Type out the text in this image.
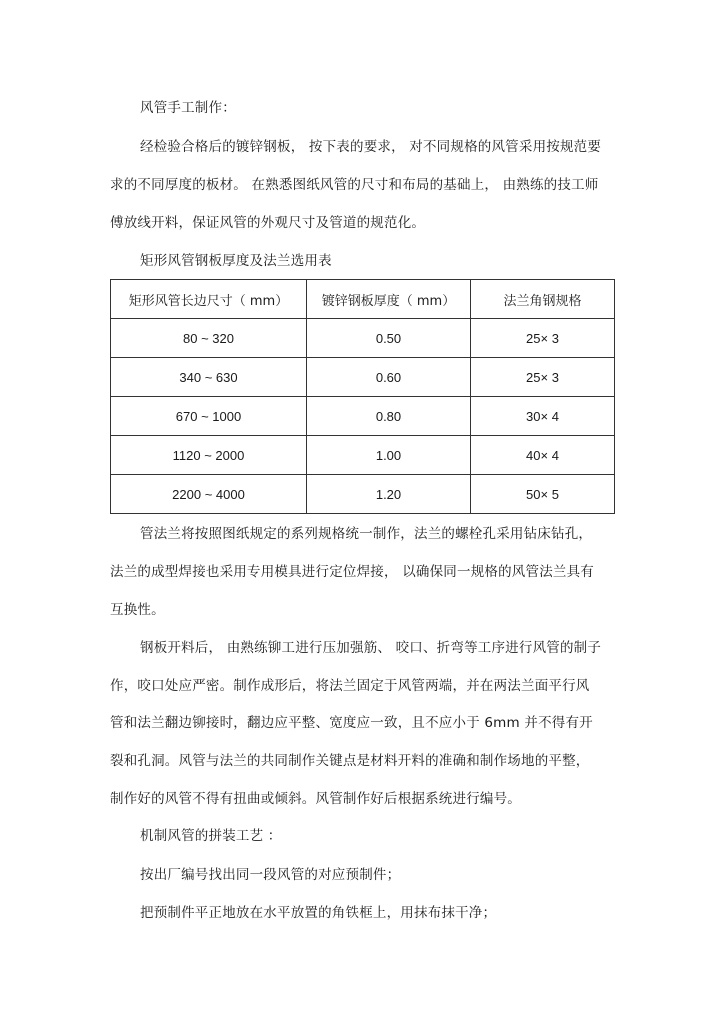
风管手工制作：
经检验合格后的镀锌钢板， 按下表的要求， 对不同规格的风管采用按规范要
求的不同厚度的板材。 在熟悉图纸风管的尺寸和布局的基础上， 由熟练的技工师
傅放线开料，保证风管的外观尺寸及管道的规范化。
矩形风管钢板厚度及法兰选用表
矩形风管长边尺寸（ mm）	镀锌钢板厚度（ mm）	法兰角钢规格
80 ~ 320	0.50	25× 3
340 ~ 630	0.60	25× 3
670 ~ 1000	0.80	30× 4
1120 ~ 2000	1.00	40× 4
2200 ~ 4000	1.20	50× 5
管法兰将按照图纸规定的系列规格统一制作，法兰的螺栓孔采用钻床钻孔，
法兰的成型焊接也采用专用模具进行定位焊接， 以确保同一规格的风管法兰具有
互换性。
钢板开料后， 由熟练铆工进行压加强筋、 咬口、折弯等工序进行风管的制子
作，咬口处应严密。制作成形后，将法兰固定于风管两端，并在两法兰面平行风
管和法兰翻边铆接时，翻边应平整、宽度应一致，且不应小于 6mm 并不得有开
裂和孔洞。风管与法兰的共同制作关键点是材料开料的准确和制作场地的平整，
制作好的风管不得有扭曲或倾斜。风管制作好后根据系统进行编号。
机制风管的拼装工艺 ：
按出厂编号找出同一段风管的对应预制件；
把预制件平正地放在水平放置的角铁框上，用抹布抹干净；
